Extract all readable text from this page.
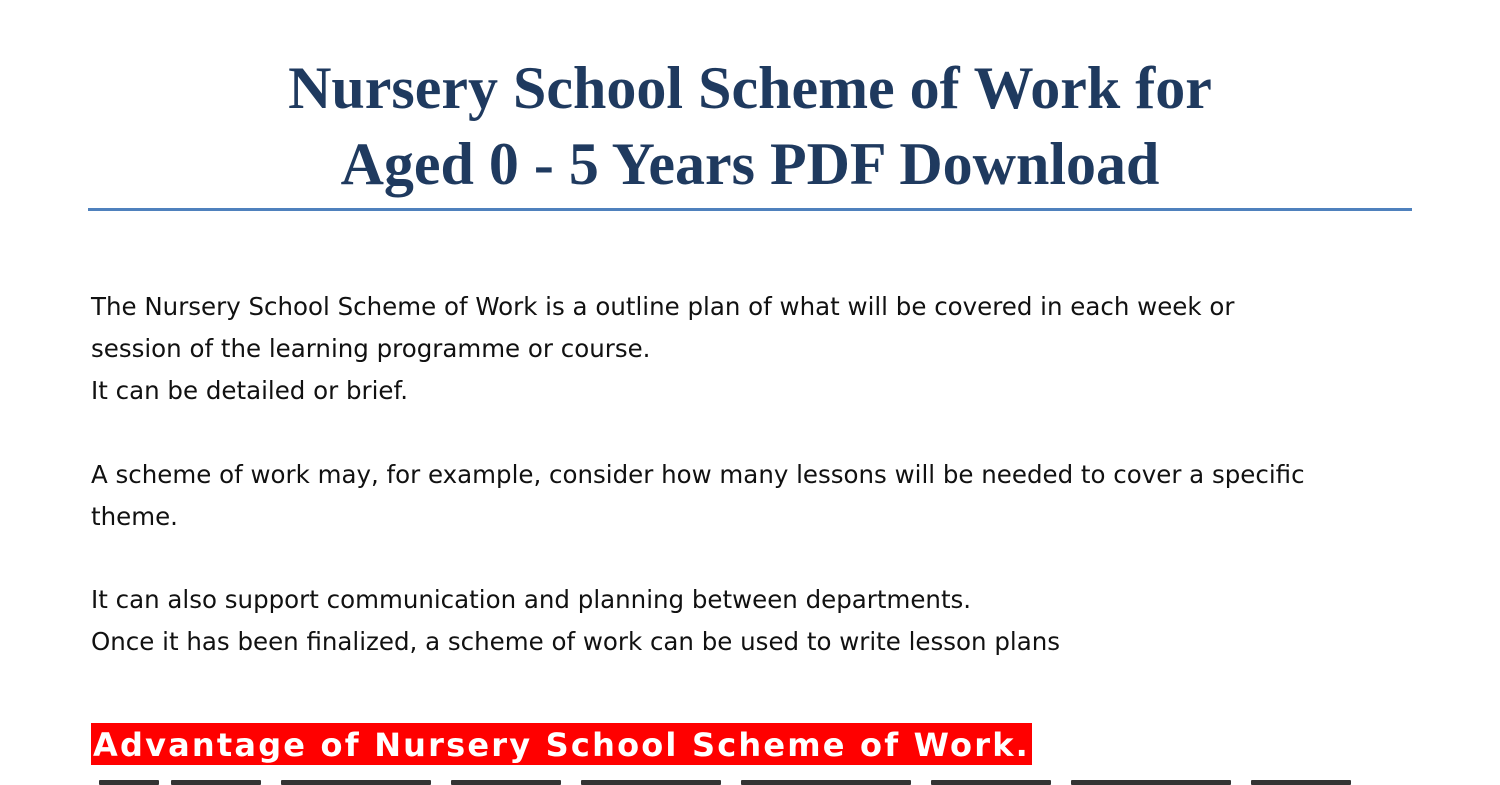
Nursery School Scheme of Work for
Aged 0 - 5 Years PDF Download

The Nursery School Scheme of Work is a outline plan of what will be covered in each week or
session of the learning programme or course.
It can be detailed or brief.

A scheme of work may, for example, consider how many lessons will be needed to cover a specific
theme.

It can also support communication and planning between departments.
Once it has been finalized, a scheme of work can be used to write lesson plans

Advantage of Nursery School Scheme of Work.
